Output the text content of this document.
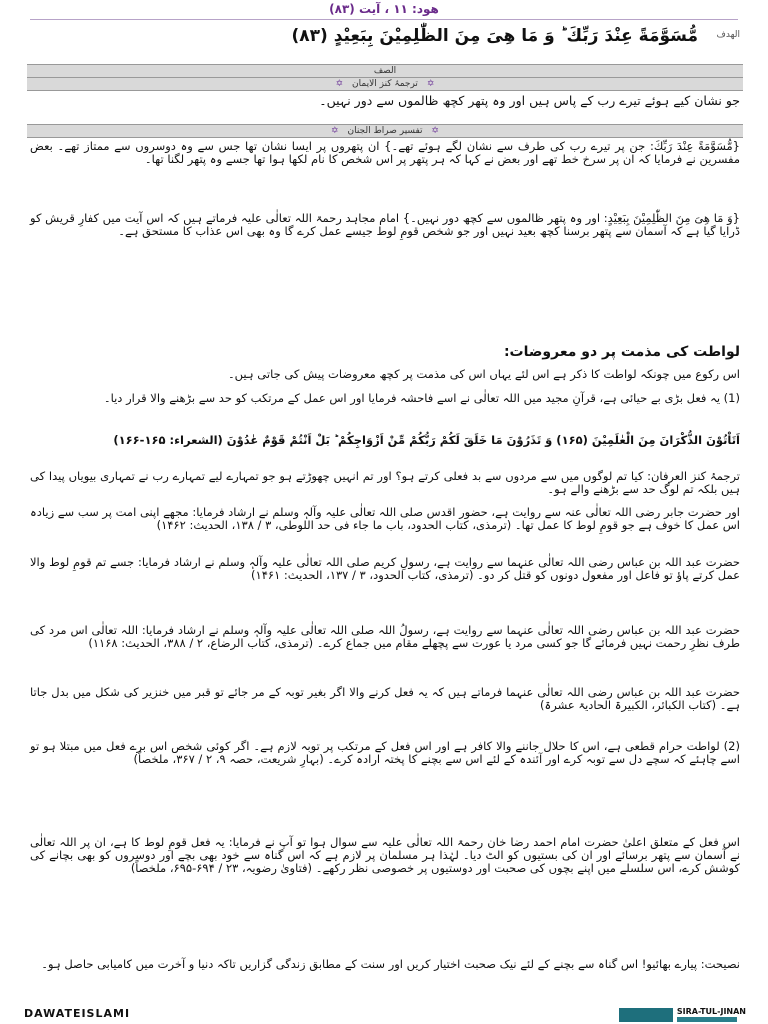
ھود: ۱۱ ، آیت (۸۳)
الهدف
مُّسَوَّمَةً عِنْدَ رَبِّكَ ؕ وَ مَا هِیَ مِنَ الظّٰلِمِیْنَ بِبَعِیْدٍ (۸۳)
الصف
✡ ترجمۂ کنز الایمان ✡
جو نشان کیے ہوئے تیرے رب کے پاس ہیں اور وہ پتھر کچھ ظالموں سے دور نہیں۔
✡ تفسیر صراط الجنان ✡
{مُّسَوَّمَةً عِنْدَ رَبِّكَ: جن پر تیرے رب کی طرف سے نشان لگے ہوئے تھے۔} ان پتھروں پر ایسا نشان تھا جس سے وہ دوسروں سے ممتاز تھے۔ بعض مفسرین نے فرمایا کہ ان پر سرخ خط تھے اور بعض نے کہا کہ ہر پتھر پر اس شخص کا نام لکھا ہوا تھا جسے وہ پتھر لگنا تھا۔
{وَ مَا هِیَ مِنَ الظّٰلِمِیْنَ بِبَعِیْدٍ: اور وہ پتھر ظالموں سے کچھ دور نہیں۔} امام مجاہد رحمۃ اللہ تعالٰی علیہ فرماتے ہیں کہ اس آیت میں کفارِ قریش کو ڈرایا گیا ہے کہ آسمان سے پتھر برسنا کچھ بعید نہیں اور جو شخص قومِ لوط جیسے عمل کرے گا وہ بھی اس عذاب کا مستحق ہے۔
لواطت کی مذمت پر دو معروضات:
اس رکوع میں چونکہ لواطت کا ذکر ہے اس لئے یہاں اس کی مذمت پر کچھ معروضات پیش کی جاتی ہیں۔
(1) یہ فعل بڑی بے حیائی ہے، قرآنِ مجید میں اللہ تعالٰی نے اسے فاحشہ فرمایا اور اس عمل کے مرتکب کو حد سے بڑھنے والا قرار دیا۔
اَتَاْتُوْنَ الذُّكْرَانَ مِنَ الْعٰلَمِیْنَ (۱۶۵) وَ تَذَرُوْنَ مَا خَلَقَ لَكُمْ رَبُّكُمْ مِّنْ اَزْوَاجِكُمْ ؕ بَلْ اَنْتُمْ قَوْمٌ عٰدُوْنَ (الشعراء: ۱۶۵-۱۶۶)
ترجمۂ کنز العرفان: کیا تم لوگوں میں سے مردوں سے بد فعلی کرتے ہو؟ اور تم انہیں چھوڑتے ہو جو تمہارے لیے تمہارے رب نے تمہاری بیویاں پیدا کی ہیں بلکہ تم لوگ حد سے بڑھنے والے ہو۔
اور حضرت جابر رضی اللہ تعالٰی عنہ سے روایت ہے، حضور اقدس صلی اللہ تعالٰی علیہ وآلہٖ وسلم نے ارشاد فرمایا: مجھے اپنی امت پر سب سے زیادہ اس عمل کا خوف ہے جو قومِ لوط کا عمل تھا۔ (ترمذی، کتاب الحدود، باب ما جاء فی حد اللوطی، ۳ / ۱۳۸، الحدیث: ۱۴۶۲)
حضرت عبد اللہ بن عباس رضی اللہ تعالٰی عنہما سے روایت ہے، رسولِ کریم صلی اللہ تعالٰی علیہ وآلہٖ وسلم نے ارشاد فرمایا: جسے تم قومِ لوط والا عمل کرتے پاؤ تو فاعل اور مفعول دونوں کو قتل کر دو۔ (ترمذی، کتاب الحدود، ۳ / ۱۳۷، الحدیث: ۱۴۶۱)
حضرت عبد اللہ بن عباس رضی اللہ تعالٰی عنہما سے روایت ہے، رسولُ اللہ صلی اللہ تعالٰی علیہ وآلہٖ وسلم نے ارشاد فرمایا: اللہ تعالٰی اس مرد کی طرف نظرِ رحمت نہیں فرمائے گا جو کسی مرد یا عورت سے پچھلے مقام میں جماع کرے۔ (ترمذی، کتاب الرضاع، ۲ / ۳۸۸، الحدیث: ۱۱۶۸)
حضرت عبد اللہ بن عباس رضی اللہ تعالٰی عنہما فرماتے ہیں کہ یہ فعل کرنے والا اگر بغیر توبہ کے مر جائے تو قبر میں خنزیر کی شکل میں بدل جاتا ہے۔ (کتاب الکبائر، الکبیرۃ الحادیۃ عشرۃ)
(2) لواطت حرام قطعی ہے، اس کا حلال جاننے والا کافر ہے اور اس فعل کے مرتکب پر توبہ لازم ہے۔ اگر کوئی شخص اس برے فعل میں مبتلا ہو تو اسے چاہئے کہ سچے دل سے توبہ کرے اور آئندہ کے لئے اس سے بچنے کا پختہ ارادہ کرے۔ (بہارِ شریعت، حصہ ۹، ۲ / ۳۶۷، ملخصاً)
اس فعل کے متعلق اعلیٰ حضرت امام احمد رضا خان رحمۃ اللہ تعالٰی علیہ سے سوال ہوا تو آپ نے فرمایا: یہ فعل قومِ لوط کا ہے، ان پر اللہ تعالٰی نے آسمان سے پتھر برسائے اور ان کی بستیوں کو الٹ دیا۔ لہٰذا ہر مسلمان پر لازم ہے کہ اس گناہ سے خود بھی بچے اور دوسروں کو بھی بچانے کی کوشش کرے، اس سلسلے میں اپنے بچوں کی صحبت اور دوستیوں پر خصوصی نظر رکھے۔ (فتاویٰ رضویہ، ۲۳ / ۶۹۴-۶۹۵، ملخصاً)
نصیحت: پیارے بھائیو! اس گناہ سے بچنے کے لئے نیک صحبت اختیار کریں اور سنت کے مطابق زندگی گزاریں تاکہ دنیا و آخرت میں کامیابی حاصل ہو۔
DAWATEISLAMI	SIRA-TUL-JINAN
